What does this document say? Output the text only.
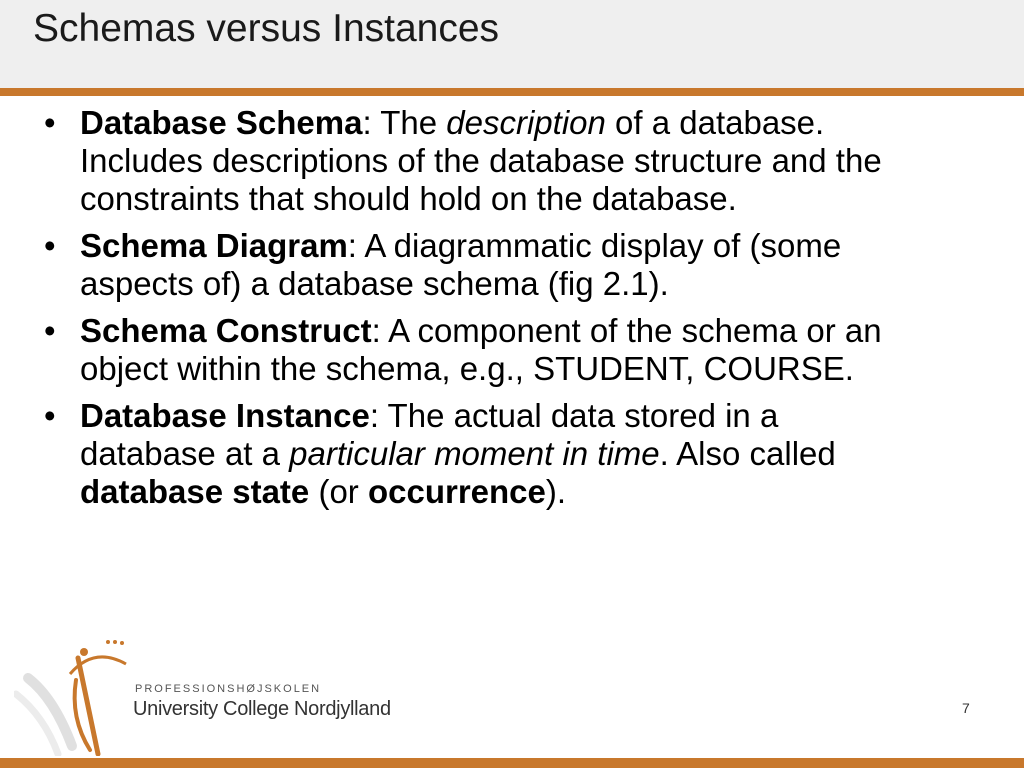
Schemas versus Instances
• Database Schema: The description of a database. Includes descriptions of the database structure and the constraints that should hold on the database.
• Schema Diagram: A diagrammatic display of (some aspects of) a database schema (fig 2.1).
• Schema Construct: A component of the schema or an object within the schema, e.g., STUDENT, COURSE.
• Database Instance: The actual data stored in a database at a particular moment in time. Also called database state (or occurrence).
PROFESSIONSHØJSKOLEN
University College Nordjylland	7
